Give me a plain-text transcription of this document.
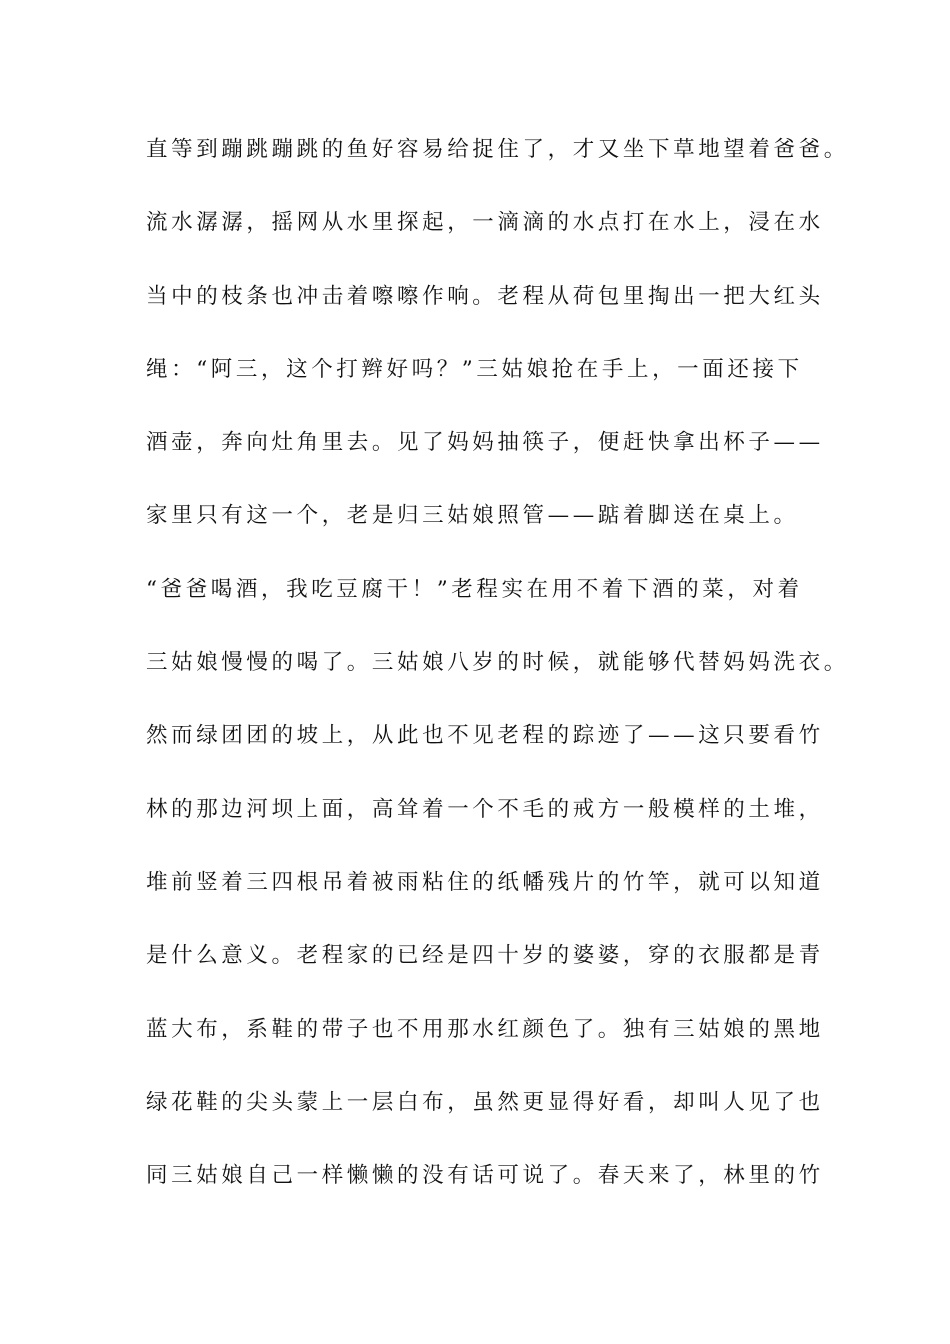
直等到蹦跳蹦跳的鱼好容易给捉住了，才又坐下草地望着爸爸。
流水潺潺，摇网从水里探起，一滴滴的水点打在水上，浸在水
当中的枝条也冲击着嚓嚓作响。老程从荷包里掏出一把大红头
绳：“阿三，这个打辫好吗？”三姑娘抢在手上，一面还接下
酒壶，奔向灶角里去。见了妈妈抽筷子，便赶快拿出杯子——
家里只有这一个，老是归三姑娘照管——踮着脚送在桌上。
“爸爸喝酒，我吃豆腐干！”老程实在用不着下酒的菜，对着
三姑娘慢慢的喝了。三姑娘八岁的时候，就能够代替妈妈洗衣。
然而绿团团的坡上，从此也不见老程的踪迹了——这只要看竹
林的那边河坝上面，高耸着一个不毛的戒方一般模样的土堆，
堆前竖着三四根吊着被雨粘住的纸幡残片的竹竿，就可以知道
是什么意义。老程家的已经是四十岁的婆婆，穿的衣服都是青
蓝大布，系鞋的带子也不用那水红颜色了。独有三姑娘的黑地
绿花鞋的尖头蒙上一层白布，虽然更显得好看，却叫人见了也
同三姑娘自己一样懒懒的没有话可说了。春天来了，林里的竹
